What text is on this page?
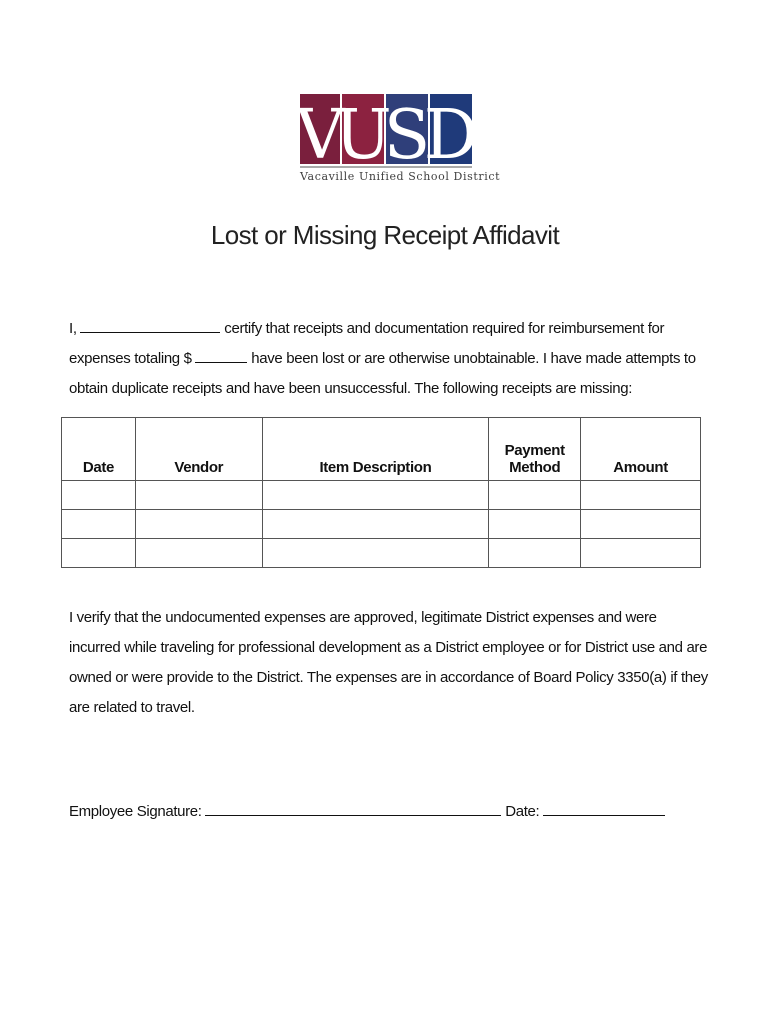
V
U
S
D
Vacaville Unified School District
Lost or Missing Receipt Affidavit
I,	certify that receipts and documentation required for reimbursement for expenses totaling $	have been lost or are otherwise unobtainable. I have made attempts to obtain duplicate receipts and have been unsuccessful. The following receipts are missing:
Date	Vendor	Item Description	Payment Method	Amount

I verify that the undocumented expenses are approved, legitimate District expenses and were incurred while traveling for professional development as a District employee or for District use and are owned or were provide to the District. The expenses are in accordance of Board Policy 3350(a) if they are related to travel.
Employee Signature:	Date:
